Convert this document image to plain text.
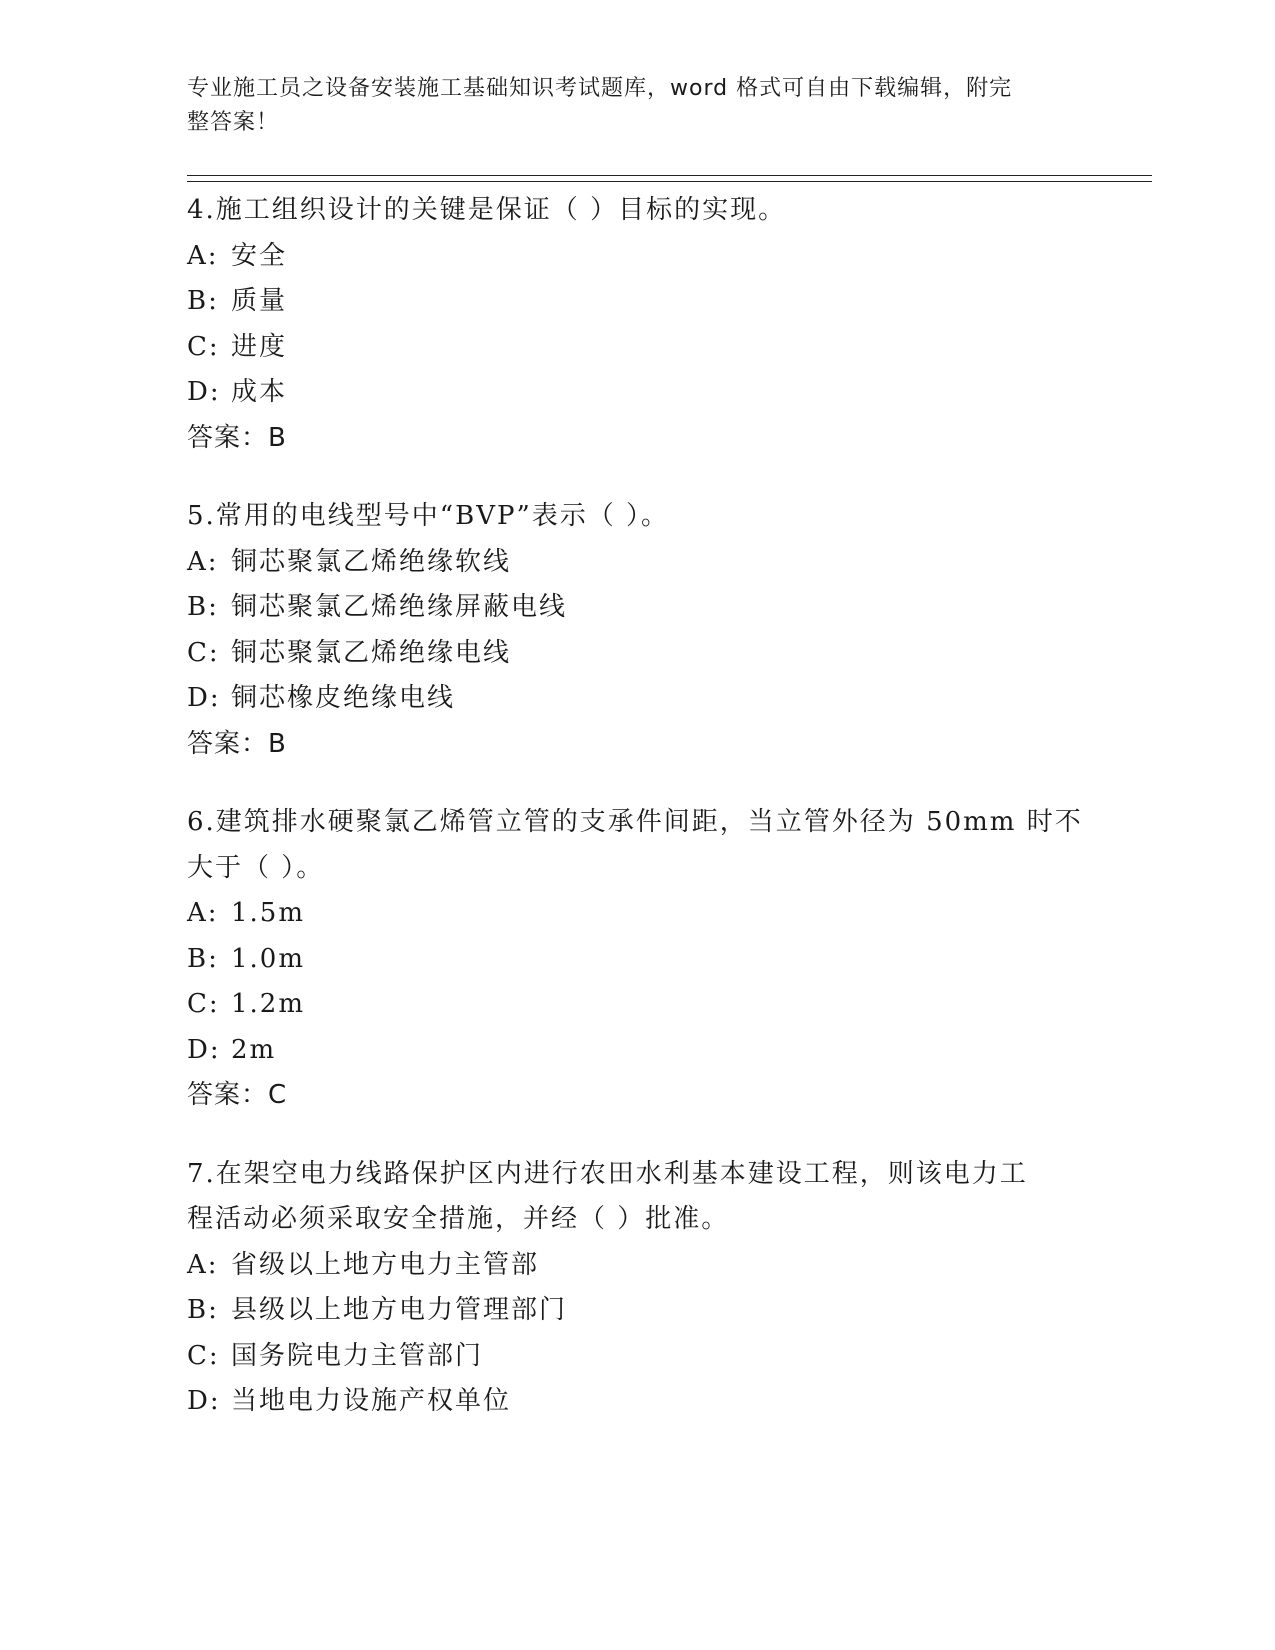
专业施工员之设备安装施工基础知识考试题库，word 格式可自由下载编辑，附完
整答案！
4.施工组织设计的关键是保证（ ）目标的实现。
A: 安全
B: 质量
C: 进度
D: 成本
答案：B
5.常用的电线型号中“BVP”表示（ ）。
A: 铜芯聚氯乙烯绝缘软线
B: 铜芯聚氯乙烯绝缘屏蔽电线
C: 铜芯聚氯乙烯绝缘电线
D: 铜芯橡皮绝缘电线
答案：B
6.建筑排水硬聚氯乙烯管立管的支承件间距，当立管外径为 50mm 时不
大于（ ）。
A: 1.5m
B: 1.0m
C: 1.2m
D: 2m
答案：C
7.在架空电力线路保护区内进行农田水利基本建设工程，则该电力工
程活动必须采取安全措施，并经（ ）批准。
A: 省级以上地方电力主管部
B: 县级以上地方电力管理部门
C: 国务院电力主管部门
D: 当地电力设施产权单位
